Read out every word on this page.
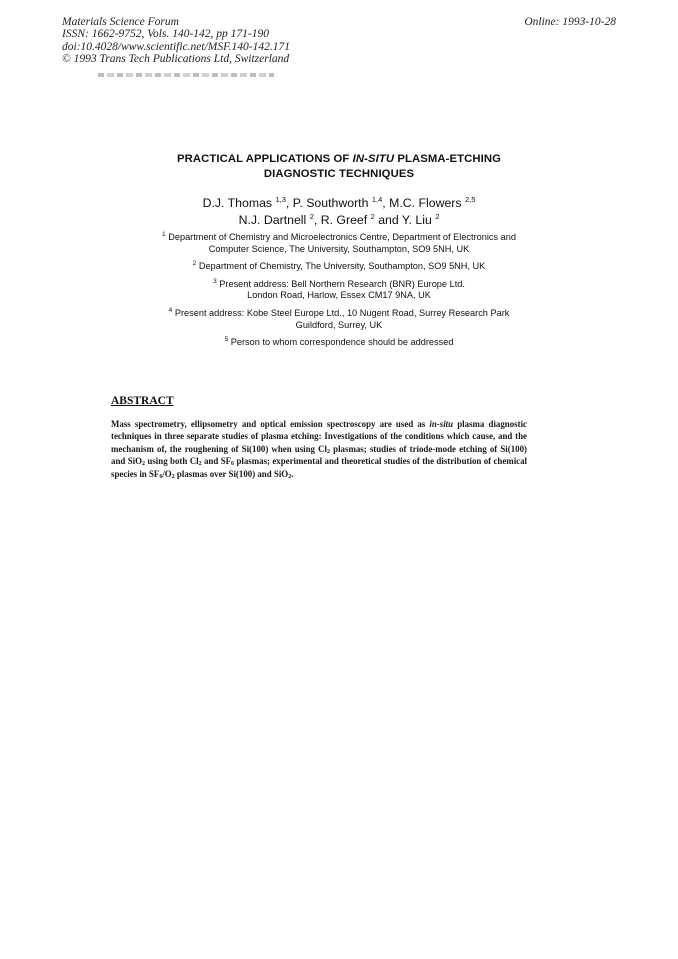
Materials Science Forum
ISSN: 1662-9752, Vols. 140-142, pp 171-190
doi:10.4028/www.scientific.net/MSF.140-142.171
© 1993 Trans Tech Publications Ltd, Switzerland
Online: 1993-10-28
PRACTICAL APPLICATIONS OF IN-SITU PLASMA-ETCHING
DIAGNOSTIC TECHNIQUES
D.J. Thomas $^{1,3}$, P. Southworth $^{1,4}$, M.C. Flowers $^{2,5}$
N.J. Dartnell $^2$, R. Greef $^2$ and Y. Liu $^2$
$^1$ Department of Chemistry and Microelectronics Centre, Department of Electronics and
Computer Science, The University, Southampton, SO9 5NH, UK
$^2$ Department of Chemistry, The University, Southampton, SO9 5NH, UK
$^3$ Present address: Bell Northern Research (BNR) Europe Ltd.
London Road, Harlow, Essex CM17 9NA, UK
$^4$ Present address: Kobe Steel Europe Ltd., 10 Nugent Road, Surrey Research Park
Guildford, Surrey, UK
$^5$ Person to whom correspondence should be addressed
ABSTRACT
Mass spectrometry, ellipsometry and optical emission spectroscopy are used as in-situ plasma diagnostic techniques in three separate studies of plasma etching: Investigations of the conditions which cause, and the mechanism of, the roughening of Si(100) when using $Cl_2$ plasmas; studies of triode-mode etching of Si(100) and SiO$_2$ using both $Cl_2$ and $SF_6$ plasmas; experimental and theoretical studies of the distribution of chemical species in $SF_6/O_2$ plasmas over Si(100) and SiO$_2$.
